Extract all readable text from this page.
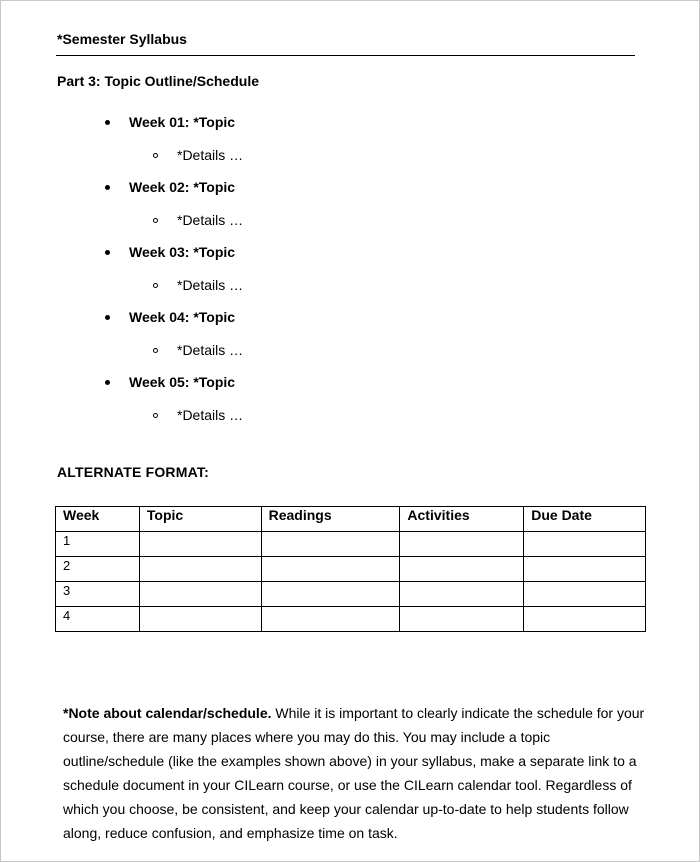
*Semester Syllabus
Part 3: Topic Outline/Schedule
Week 01: *Topic
*Details …
Week 02: *Topic
*Details …
Week 03: *Topic
*Details …
Week 04: *Topic
*Details …
Week 05: *Topic
*Details …
ALTERNATE FORMAT:
Week	Topic	Readings	Activities	Due Date
1				
2				
3				
4				
*Note about calendar/schedule. While it is important to clearly indicate the schedule for your course, there are many places where you may do this. You may include a topic outline/schedule (like the examples shown above) in your syllabus, make a separate link to a schedule document in your CILearn course, or use the CILearn calendar tool. Regardless of which you choose, be consistent, and keep your calendar up-to-date to help students follow along, reduce confusion, and emphasize time on task.
